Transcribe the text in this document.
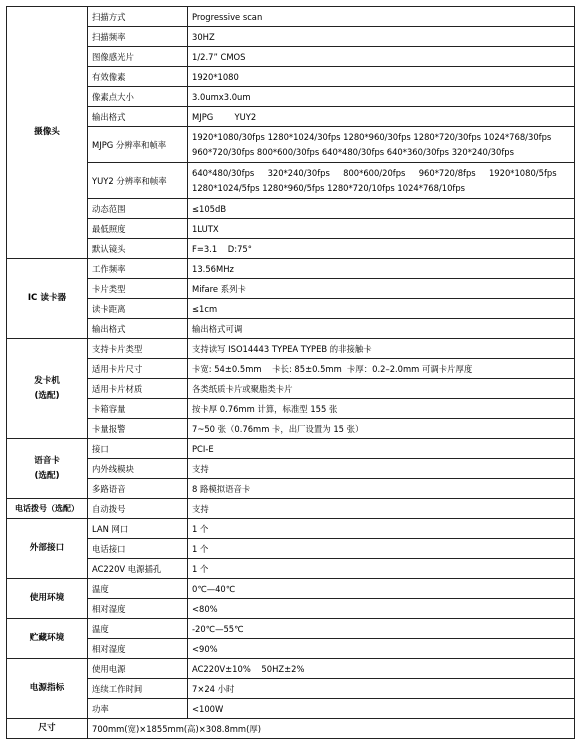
摄像头	扫描方式	Progressive scan
	扫描频率	30HZ
	图像感光片	1/2.7” CMOS
	有效像素	1920*1080
	像素点大小	3.0umx3.0um
	输出格式	MJPG        YUY2
	MJPG 分辨率和帧率	1920*1080/30fps 1280*1024/30fps 1280*960/30fps 1280*720/30fps 1024*768/30fps 960*720/30fps 800*600/30fps 640*480/30fps 640*360/30fps 320*240/30fps
	YUY2 分辨率和帧率	640*480/30fps     320*240/30fps     800*600/20fps     960*720/8fps     1920*1080/5fps 1280*1024/5fps 1280*960/5fps 1280*720/10fps 1024*768/10fps
	动态范围	≤105dB
	最低照度	1LUTX
	默认镜头	F=3.1    D:75°

IC 读卡器	工作频率	13.56MHz
	卡片类型	Mifare 系列卡
	读卡距离	≤1cm
	输出格式	输出格式可调

发卡机
(选配)	支持卡片类型	支持读写 ISO14443 TYPEA TYPEB 的非接触卡
	适用卡片尺寸	卡宽: 54±0.5mm    卡长: 85±0.5mm  卡厚：0.2–2.0mm 可调卡片厚度
	适用卡片材质	各类纸质卡片或聚脂类卡片
	卡箱容量	按卡厚 0.76mm 计算，标准型 155 张
	卡量报警	7~50 张（0.76mm 卡，出厂设置为 15 张）

语音卡
(选配)	接口	PCI-E
	内外线模块	支持
	多路语音	8 路模拟语音卡

电话拨号（选配）	自动拨号	支持

外部接口	LAN 网口	1 个
	电话接口	1 个
	AC220V 电源插孔	1 个

使用环境	温度	0℃—40℃
	相对湿度	<80%

贮藏环境	温度	-20℃—55℃
	相对湿度	<90%

电源指标	使用电源	AC220V±10%    50HZ±2%
	连续工作时间	7×24 小时
	功率	<100W
尺寸	700mm(宽)×1855mm(高)×308.8mm(厚)	
